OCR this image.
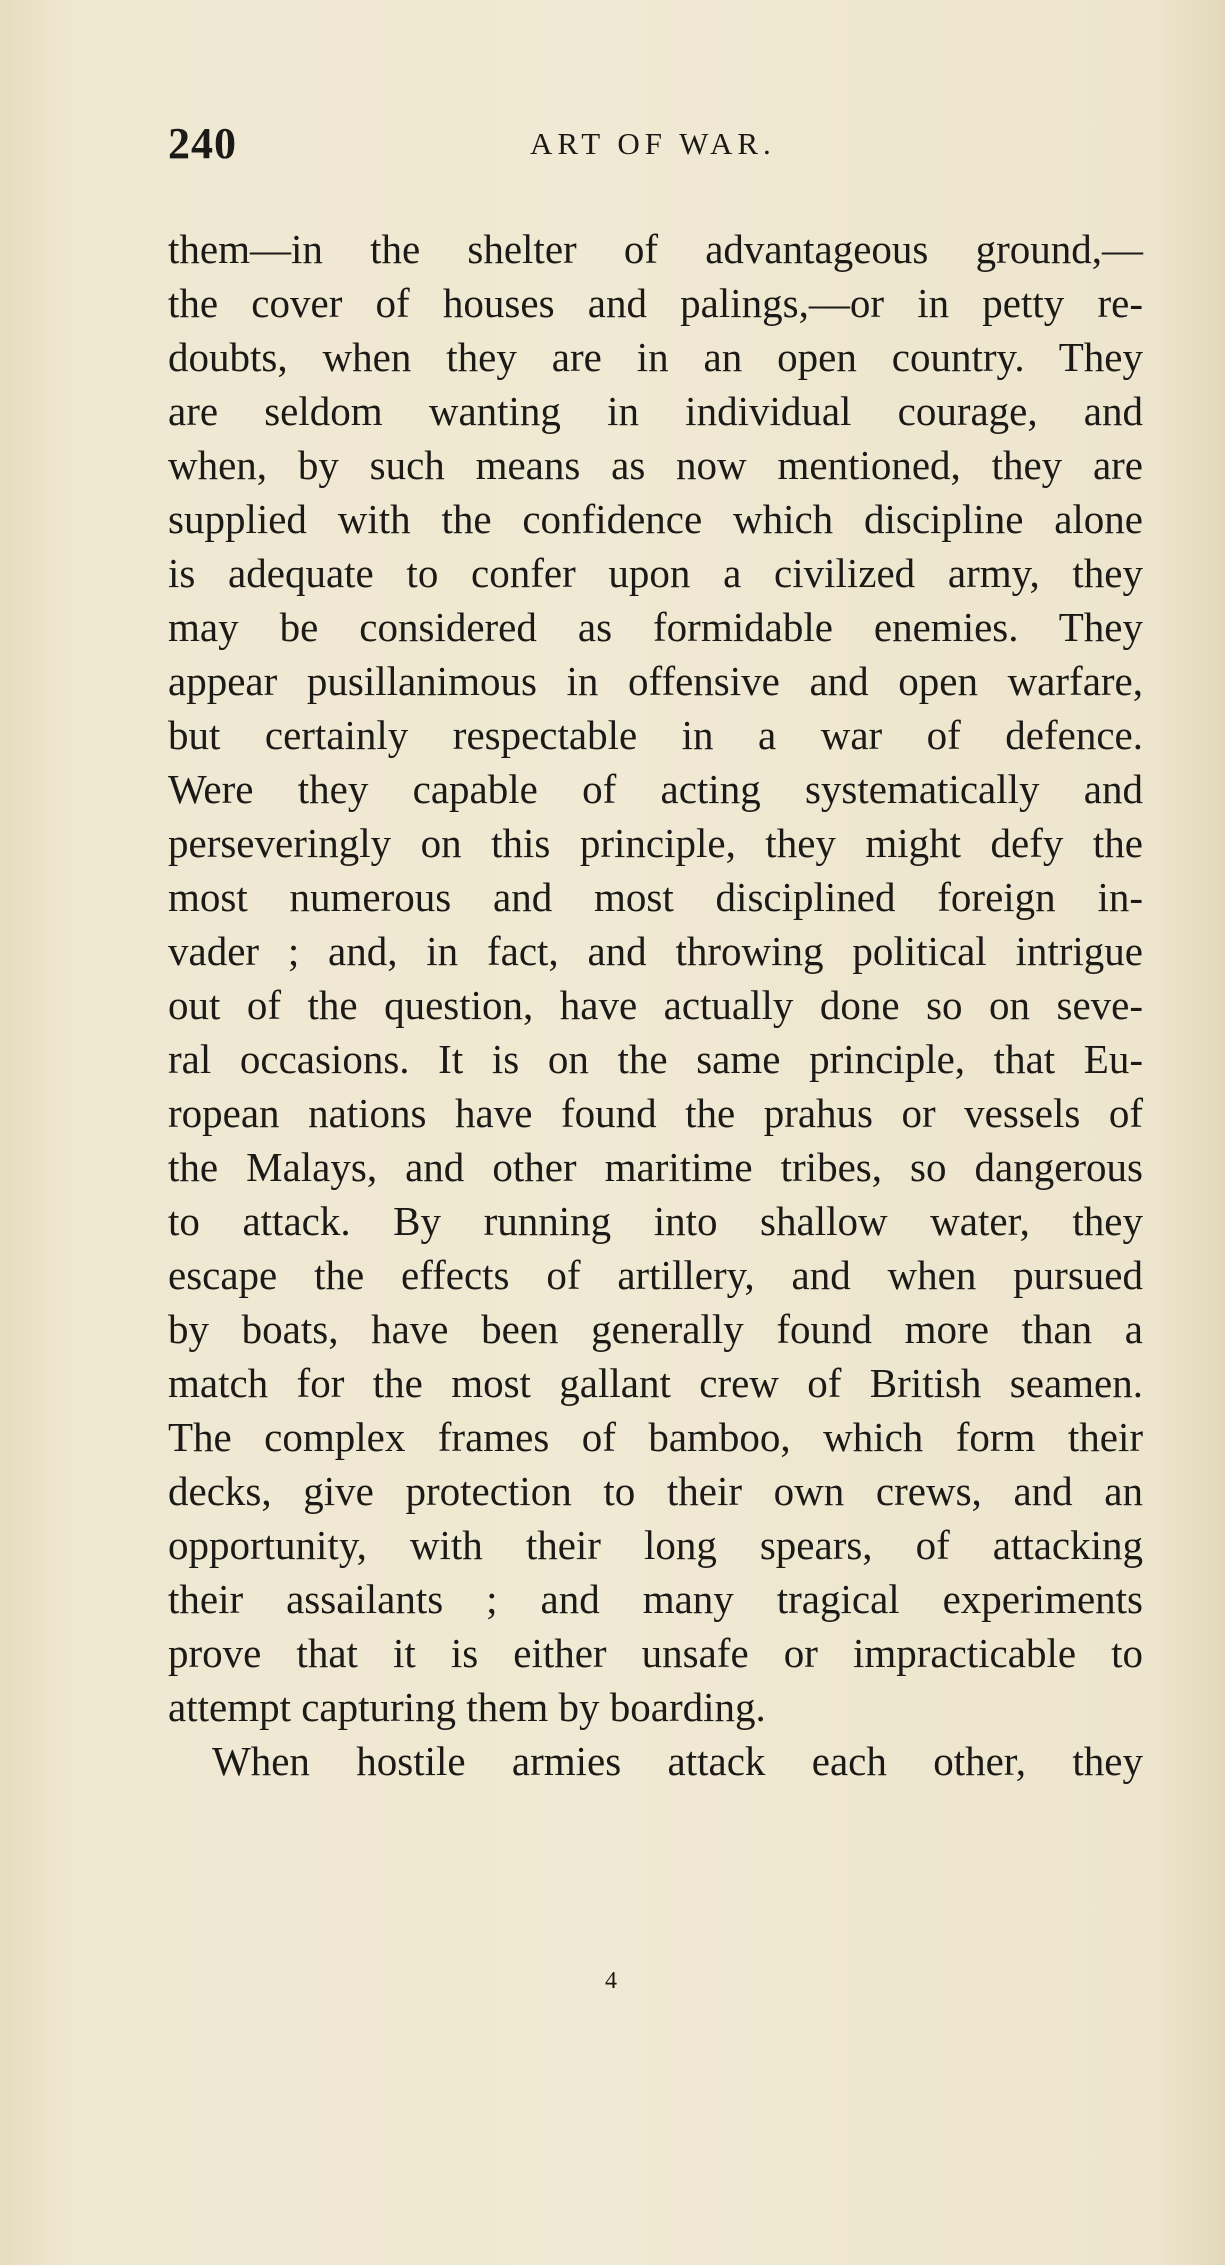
240	ART OF WAR.
them—in the shelter of advantageous ground,—
the cover of houses and palings,—or in petty re-
doubts, when they are in an open country. They
are seldom wanting in individual courage, and
when, by such means as now mentioned, they are
supplied with the confidence which discipline alone
is adequate to confer upon a civilized army, they
may be considered as formidable enemies. They
appear pusillanimous in offensive and open warfare,
but certainly respectable in a war of defence.
Were they capable of acting systematically and
perseveringly on this principle, they might defy the
most numerous and most disciplined foreign in-
vader ; and, in fact, and throwing political intrigue
out of the question, have actually done so on seve-
ral occasions. It is on the same principle, that Eu-
ropean nations have found the prahus or vessels of
the Malays, and other maritime tribes, so dangerous
to attack. By running into shallow water, they
escape the effects of artillery, and when pursued
by boats, have been generally found more than a
match for the most gallant crew of British seamen.
The complex frames of bamboo, which form their
decks, give protection to their own crews, and an
opportunity, with their long spears, of attacking
their assailants ; and many tragical experiments
prove that it is either unsafe or impracticable to
attempt capturing them by boarding.
When hostile armies attack each other, they
4
